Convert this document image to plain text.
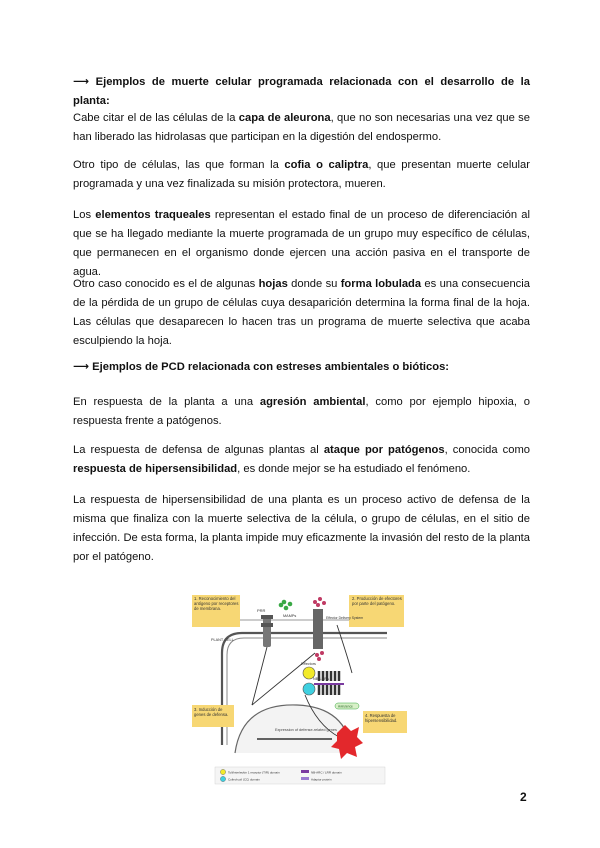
⟶ Ejemplos de muerte celular programada relacionada con el desarrollo de la planta:

Cabe citar el de las células de la capa de aleurona, que no son necesarias una vez que se han liberado las hidrolasas que participan en la digestión del endospermo.

Otro tipo de células, las que forman la cofia o caliptra, que presentan muerte celular programada y una vez finalizada su misión protectora, mueren.

Los elementos traqueales representan el estado final de un proceso de diferenciación al que se ha llegado mediante la muerte programada de un grupo muy específico de células, que permanecen en el organismo donde ejercen una acción pasiva en el transporte de agua.

Otro caso conocido es el de algunas hojas donde su forma lobulada es una consecuencia de la pérdida de un grupo de células cuya desaparición determina la forma final de la hoja. Las células que desaparecen lo hacen tras un programa de muerte selectiva que acaba esculpiendo la hoja.

⟶ Ejemplos de PCD relacionada con estreses ambientales o bióticos:

En respuesta de la planta a una agresión ambiental, como por ejemplo hipoxia, o respuesta frente a patógenos.

La respuesta de defensa de algunas plantas al ataque por patógenos, conocida como respuesta de hipersensibilidad, es donde mejor se ha estudiado el fenómeno.

La respuesta de hipersensibilidad de una planta es un proceso activo de defensa de la misma que finaliza con la muerte selectiva de la célula, o grupo de células, en el sitio de infección. De esta forma, la planta impide muy eficazmente la invasión del resto de la planta por el patógeno.

Expression of defense-related genes
1. Reconocimiento del antígeno por receptores de membrana.
2. Producción de efectores por parte del patógeno.
3. Inducción de genes de defensa.	4. Respuesta de hipersensibilidad.
PRR
MAMPs
PLANT CELL
Effector Delivery System
Effectors
NB-LRRs
Avirulence
Toll/interleukin 1 receptor (TIR) domain
Coiled-coil (CC) domain
NB-ARC / LRR domain
Adaptor protein
2
